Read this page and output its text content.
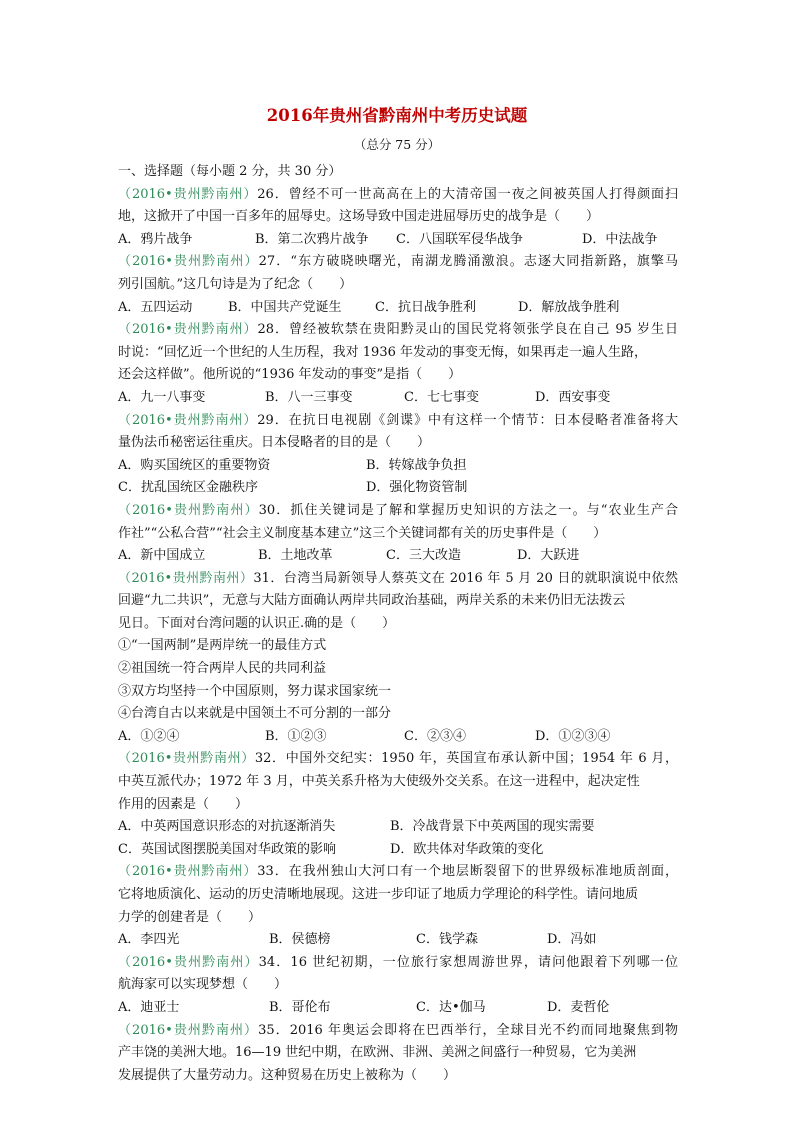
2016年贵州省黔南州中考历史试题
（总分 75 分）
一、选择题（每小题 2 分，共 30 分）
（2016•贵州黔南州）26．曾经不可一世高高在上的大清帝国一夜之间被英国人打得颜面扫
地，这掀开了中国一百多年的屈辱史。这场导致中国走进屈辱历史的战争是（　　）
A．鸦片战争	B．第二次鸦片战争 C．八国联军侵华战争	D．中法战争
（2016•贵州黔南州）27．“东方破晓映曙光，南湖龙腾涌激浪。志逐大同指新路，旗擎马
列引国航。”这几句诗是为了纪念（　　）
A．五四运动	B．中国共产党诞生	C．抗日战争胜利	D．解放战争胜利
（2016•贵州黔南州）28．曾经被软禁在贵阳黔灵山的国民党将领张学良在自己 95 岁生日
时说：“回忆近一个世纪的人生历程，我对 1936 年发动的事变无悔，如果再走一遍人生路，
还会这样做”。他所说的“1936 年发动的事变”是指（　　）
A．九一八事变	B．八一三事变	C．七七事变	D．西安事变
（2016•贵州黔南州）29．在抗日电视剧《剑谍》中有这样一个情节：日本侵略者准备将大
量伪法币秘密运往重庆。日本侵略者的目的是（　　）
A．购买国统区的重要物资	B．转嫁战争负担
C．扰乱国统区金融秩序	D．强化物资管制
（2016•贵州黔南州）30．抓住关键词是了解和掌握历史知识的方法之一。与“农业生产合
作社”“公私合营”“社会主义制度基本建立”这三个关键词都有关的历史事件是（　　）
A．新中国成立	B．土地改革	C．三大改造	D．大跃进
（2016•贵州黔南州）31．台湾当局新领导人蔡英文在 2016 年 5 月 20 日的就职演说中依然
回避“九二共识”，无意与大陆方面确认两岸共同政治基础，两岸关系的未来仍旧无法拨云
见日。下面对台湾问题的认识正.确的是（　　）
①“一国两制”是两岸统一的最佳方式
②祖国统一符合两岸人民的共同利益
③双方均坚持一个中国原则，努力谋求国家统一
④台湾自古以来就是中国领土不可分割的一部分
A．①②④	B．①②③	C．②③④	D．①②③④
（2016•贵州黔南州）32．中国外交纪实：1950 年，英国宣布承认新中国；1954 年 6 月，
中英互派代办；1972 年 3 月，中英关系升格为大使级外交关系。在这一进程中，起决定性
作用的因素是（　　）
A．中英两国意识形态的对抗逐渐消失	B．冷战背景下中英两国的现实需要
C．英国试图摆脱美国对华政策的影响	D．欧共体对华政策的变化
（2016•贵州黔南州）33．在我州独山大河口有一个地层断裂留下的世界级标准地质剖面，
它将地质演化、运动的历史清晰地展现。这进一步印证了地质力学理论的科学性。请问地质
力学的创建者是（　　）
A．李四光	B．侯德榜	C．钱学森	D．冯如
（2016•贵州黔南州）34．16 世纪初期，一位旅行家想周游世界，请问他跟着下列哪一位
航海家可以实现梦想（　　）
A．迪亚士	B．哥伦布	C．达•伽马	D．麦哲伦
（2016•贵州黔南州）35．2016 年奥运会即将在巴西举行，全球目光不约而同地聚焦到物
产丰饶的美洲大地。16—19 世纪中期，在欧洲、非洲、美洲之间盛行一种贸易，它为美洲
发展提供了大量劳动力。这种贸易在历史上被称为（　　）
